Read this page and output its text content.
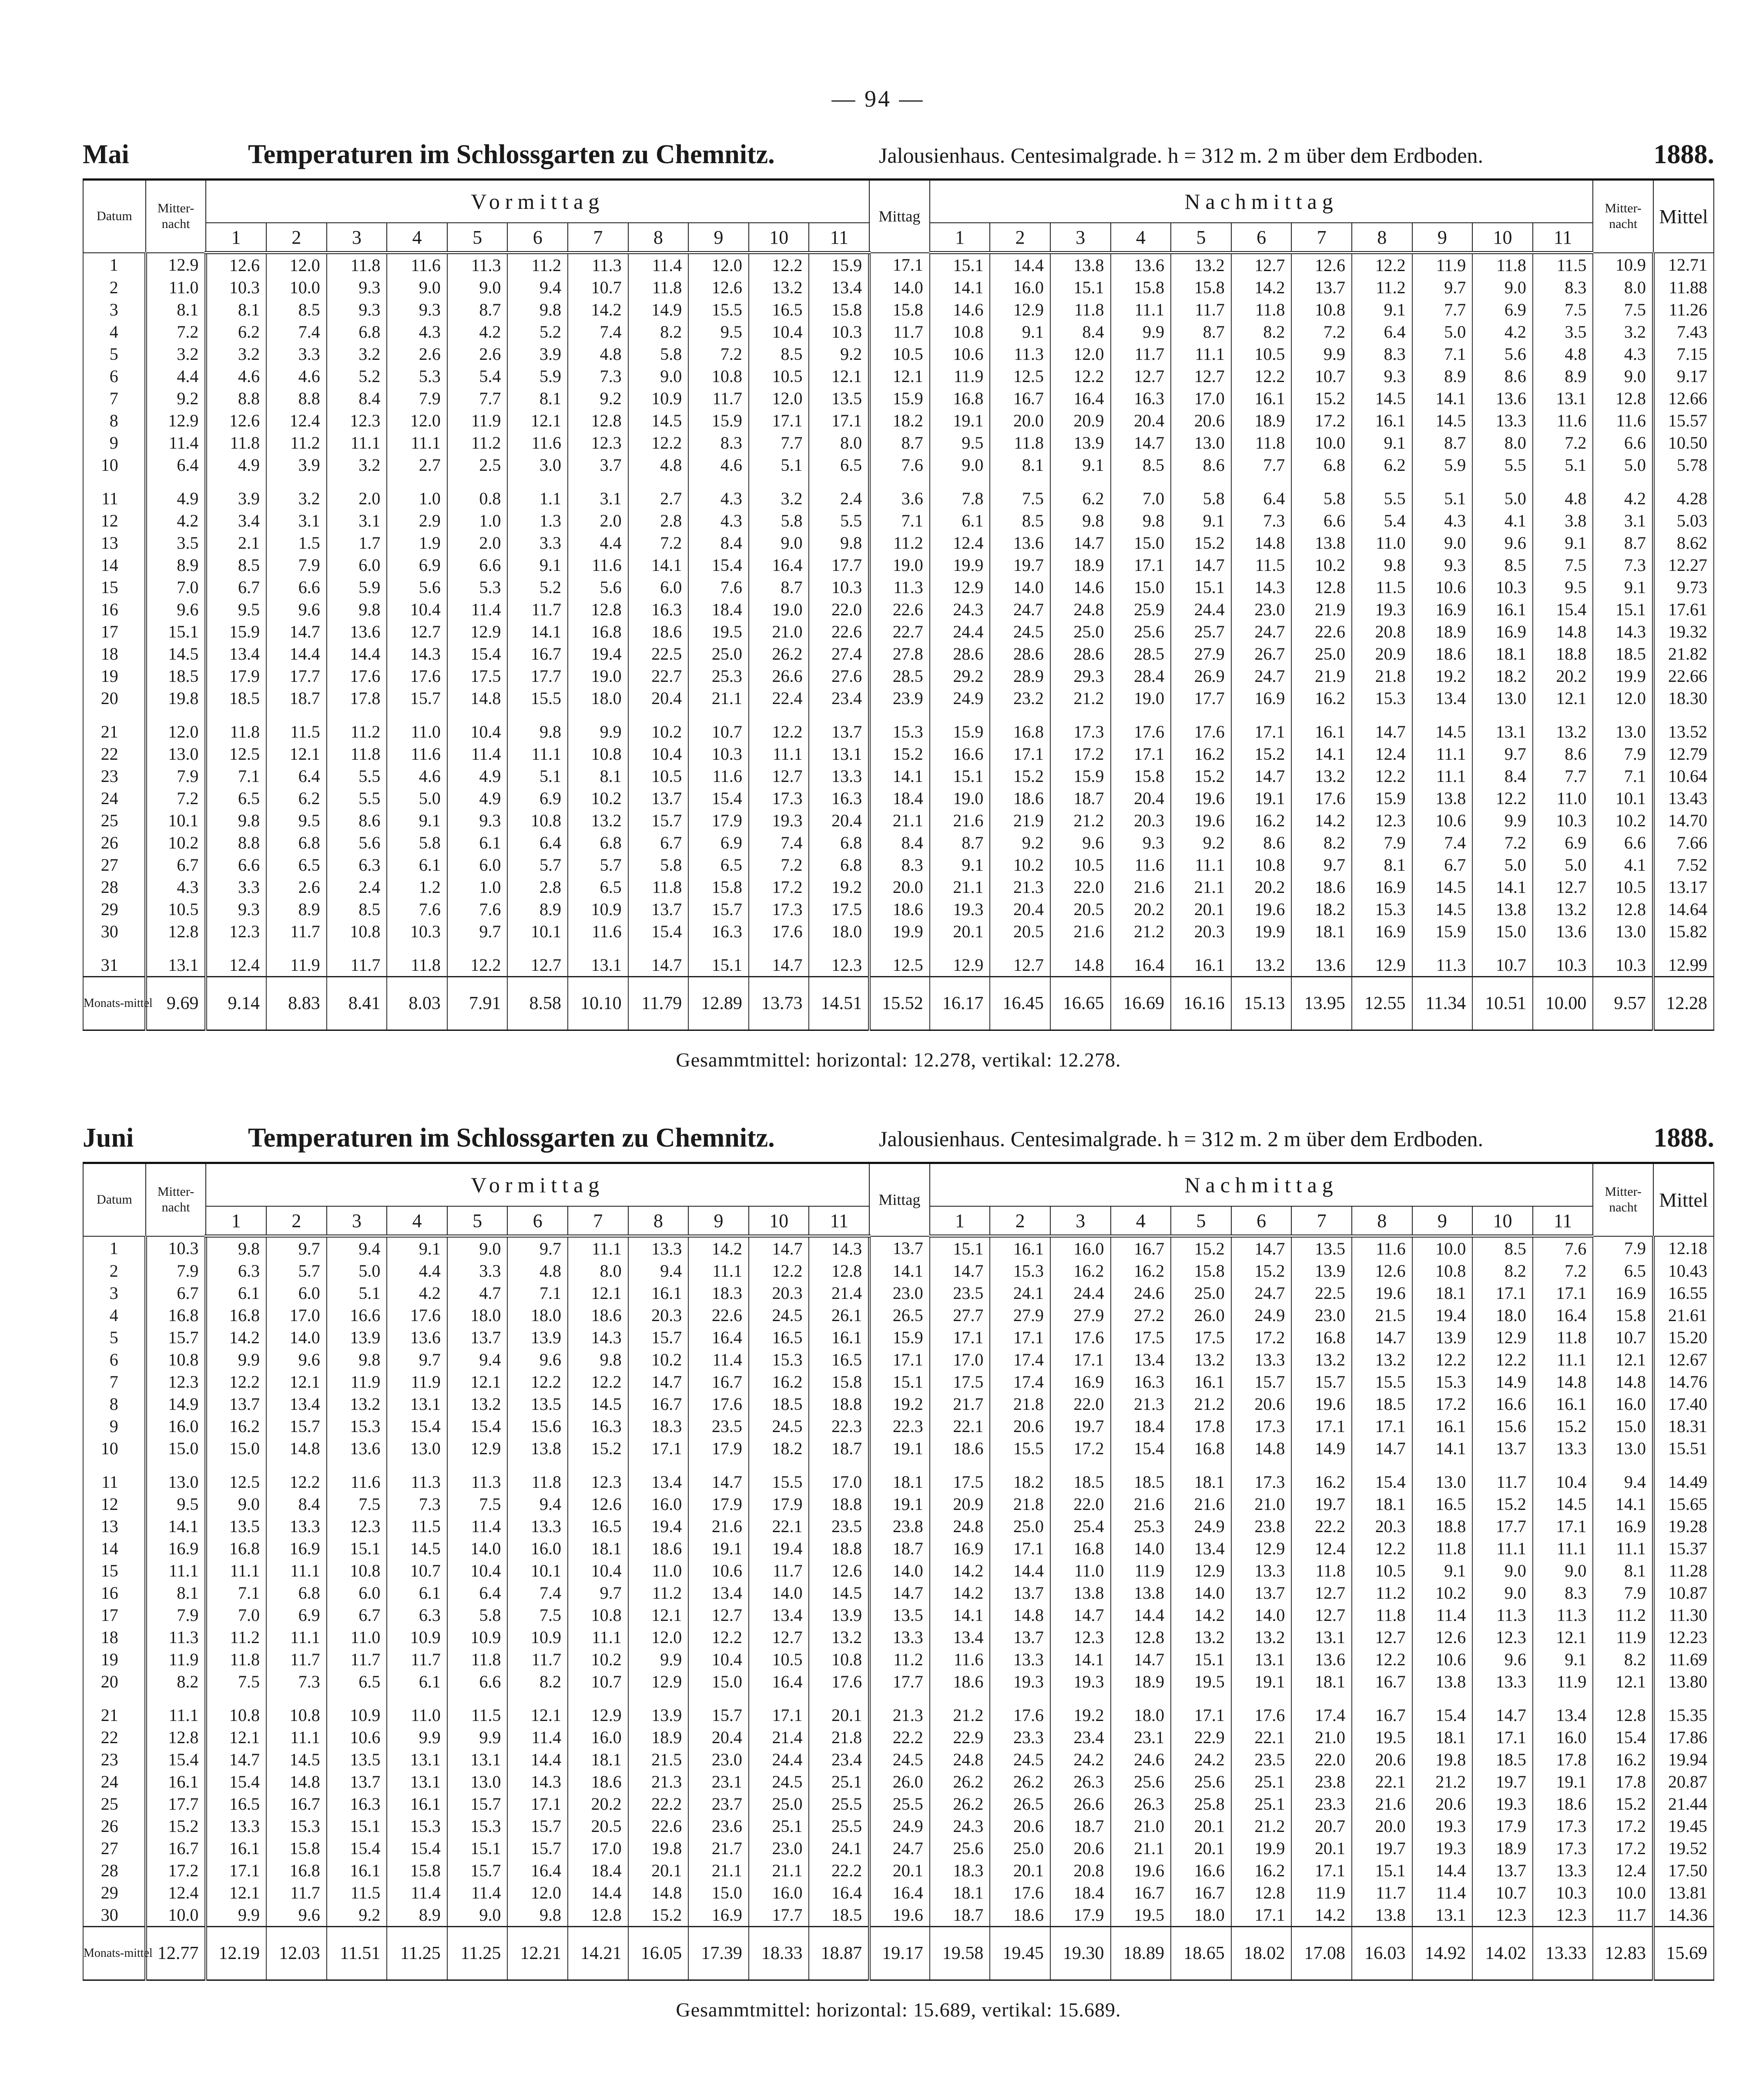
— 94 —
Mai	Temperaturen im Schlossgarten zu Chemnitz.	Jalousienhaus. Centesimalgrade. h = 312 m. 2 m über dem Erdboden.	1888.
Datum	Mitter-nacht	Vormittag											Mittag	Nachmittag											Mitter-nacht	Mittel
		1	2	3	4	5	6	7	8	9	10	11		1	2	3	4	5	6	7	8	9	10	11		
1	12.9	12.6	12.0	11.8	11.6	11.3	11.2	11.3	11.4	12.0	12.2	15.9	17.1	15.1	14.4	13.8	13.6	13.2	12.7	12.6	12.2	11.9	11.8	11.5	10.9	12.71
2	11.0	10.3	10.0	9.3	9.0	9.0	9.4	10.7	11.8	12.6	13.2	13.4	14.0	14.1	16.0	15.1	15.8	15.8	14.2	13.7	11.2	9.7	9.0	8.3	8.0	11.88
3	8.1	8.1	8.5	9.3	9.3	8.7	9.8	14.2	14.9	15.5	16.5	15.8	15.8	14.6	12.9	11.8	11.1	11.7	11.8	10.8	9.1	7.7	6.9	7.5	7.5	11.26
4	7.2	6.2	7.4	6.8	4.3	4.2	5.2	7.4	8.2	9.5	10.4	10.3	11.7	10.8	9.1	8.4	9.9	8.7	8.2	7.2	6.4	5.0	4.2	3.5	3.2	7.43
5	3.2	3.2	3.3	3.2	2.6	2.6	3.9	4.8	5.8	7.2	8.5	9.2	10.5	10.6	11.3	12.0	11.7	11.1	10.5	9.9	8.3	7.1	5.6	4.8	4.3	7.15
6	4.4	4.6	4.6	5.2	5.3	5.4	5.9	7.3	9.0	10.8	10.5	12.1	12.1	11.9	12.5	12.2	12.7	12.7	12.2	10.7	9.3	8.9	8.6	8.9	9.0	9.17
7	9.2	8.8	8.8	8.4	7.9	7.7	8.1	9.2	10.9	11.7	12.0	13.5	15.9	16.8	16.7	16.4	16.3	17.0	16.1	15.2	14.5	14.1	13.6	13.1	12.8	12.66
8	12.9	12.6	12.4	12.3	12.0	11.9	12.1	12.8	14.5	15.9	17.1	17.1	18.2	19.1	20.0	20.9	20.4	20.6	18.9	17.2	16.1	14.5	13.3	11.6	11.6	15.57
9	11.4	11.8	11.2	11.1	11.1	11.2	11.6	12.3	12.2	8.3	7.7	8.0	8.7	9.5	11.8	13.9	14.7	13.0	11.8	10.0	9.1	8.7	8.0	7.2	6.6	10.50
10	6.4	4.9	3.9	3.2	2.7	2.5	3.0	3.7	4.8	4.6	5.1	6.5	7.6	9.0	8.1	9.1	8.5	8.6	7.7	6.8	6.2	5.9	5.5	5.1	5.0	5.78

11	4.9	3.9	3.2	2.0	1.0	0.8	1.1	3.1	2.7	4.3	3.2	2.4	3.6	7.8	7.5	6.2	7.0	5.8	6.4	5.8	5.5	5.1	5.0	4.8	4.2	4.28
12	4.2	3.4	3.1	3.1	2.9	1.0	1.3	2.0	2.8	4.3	5.8	5.5	7.1	6.1	8.5	9.8	9.8	9.1	7.3	6.6	5.4	4.3	4.1	3.8	3.1	5.03
13	3.5	2.1	1.5	1.7	1.9	2.0	3.3	4.4	7.2	8.4	9.0	9.8	11.2	12.4	13.6	14.7	15.0	15.2	14.8	13.8	11.0	9.0	9.6	9.1	8.7	8.62
14	8.9	8.5	7.9	6.0	6.9	6.6	9.1	11.6	14.1	15.4	16.4	17.7	19.0	19.9	19.7	18.9	17.1	14.7	11.5	10.2	9.8	9.3	8.5	7.5	7.3	12.27
15	7.0	6.7	6.6	5.9	5.6	5.3	5.2	5.6	6.0	7.6	8.7	10.3	11.3	12.9	14.0	14.6	15.0	15.1	14.3	12.8	11.5	10.6	10.3	9.5	9.1	9.73
16	9.6	9.5	9.6	9.8	10.4	11.4	11.7	12.8	16.3	18.4	19.0	22.0	22.6	24.3	24.7	24.8	25.9	24.4	23.0	21.9	19.3	16.9	16.1	15.4	15.1	17.61
17	15.1	15.9	14.7	13.6	12.7	12.9	14.1	16.8	18.6	19.5	21.0	22.6	22.7	24.4	24.5	25.0	25.6	25.7	24.7	22.6	20.8	18.9	16.9	14.8	14.3	19.32
18	14.5	13.4	14.4	14.4	14.3	15.4	16.7	19.4	22.5	25.0	26.2	27.4	27.8	28.6	28.6	28.6	28.5	27.9	26.7	25.0	20.9	18.6	18.1	18.8	18.5	21.82
19	18.5	17.9	17.7	17.6	17.6	17.5	17.7	19.0	22.7	25.3	26.6	27.6	28.5	29.2	28.9	29.3	28.4	26.9	24.7	21.9	21.8	19.2	18.2	20.2	19.9	22.66
20	19.8	18.5	18.7	17.8	15.7	14.8	15.5	18.0	20.4	21.1	22.4	23.4	23.9	24.9	23.2	21.2	19.0	17.7	16.9	16.2	15.3	13.4	13.0	12.1	12.0	18.30

21	12.0	11.8	11.5	11.2	11.0	10.4	9.8	9.9	10.2	10.7	12.2	13.7	15.3	15.9	16.8	17.3	17.6	17.6	17.1	16.1	14.7	14.5	13.1	13.2	13.0	13.52
22	13.0	12.5	12.1	11.8	11.6	11.4	11.1	10.8	10.4	10.3	11.1	13.1	15.2	16.6	17.1	17.2	17.1	16.2	15.2	14.1	12.4	11.1	9.7	8.6	7.9	12.79
23	7.9	7.1	6.4	5.5	4.6	4.9	5.1	8.1	10.5	11.6	12.7	13.3	14.1	15.1	15.2	15.9	15.8	15.2	14.7	13.2	12.2	11.1	8.4	7.7	7.1	10.64
24	7.2	6.5	6.2	5.5	5.0	4.9	6.9	10.2	13.7	15.4	17.3	16.3	18.4	19.0	18.6	18.7	20.4	19.6	19.1	17.6	15.9	13.8	12.2	11.0	10.1	13.43
25	10.1	9.8	9.5	8.6	9.1	9.3	10.8	13.2	15.7	17.9	19.3	20.4	21.1	21.6	21.9	21.2	20.3	19.6	16.2	14.2	12.3	10.6	9.9	10.3	10.2	14.70
26	10.2	8.8	6.8	5.6	5.8	6.1	6.4	6.8	6.7	6.9	7.4	6.8	8.4	8.7	9.2	9.6	9.3	9.2	8.6	8.2	7.9	7.4	7.2	6.9	6.6	7.66
27	6.7	6.6	6.5	6.3	6.1	6.0	5.7	5.7	5.8	6.5	7.2	6.8	8.3	9.1	10.2	10.5	11.6	11.1	10.8	9.7	8.1	6.7	5.0	5.0	4.1	7.52
28	4.3	3.3	2.6	2.4	1.2	1.0	2.8	6.5	11.8	15.8	17.2	19.2	20.0	21.1	21.3	22.0	21.6	21.1	20.2	18.6	16.9	14.5	14.1	12.7	10.5	13.17
29	10.5	9.3	8.9	8.5	7.6	7.6	8.9	10.9	13.7	15.7	17.3	17.5	18.6	19.3	20.4	20.5	20.2	20.1	19.6	18.2	15.3	14.5	13.8	13.2	12.8	14.64
30	12.8	12.3	11.7	10.8	10.3	9.7	10.1	11.6	15.4	16.3	17.6	18.0	19.9	20.1	20.5	21.6	21.2	20.3	19.9	18.1	16.9	15.9	15.0	13.6	13.0	15.82

31	13.1	12.4	11.9	11.7	11.8	12.2	12.7	13.1	14.7	15.1	14.7	12.3	12.5	12.9	12.7	14.8	16.4	16.1	13.2	13.6	12.9	11.3	10.7	10.3	10.3	12.99
Monats-mittel	9.69	9.14	8.83	8.41	8.03	7.91	8.58	10.10	11.79	12.89	13.73	14.51	15.52	16.17	16.45	16.65	16.69	16.16	15.13	13.95	12.55	11.34	10.51	10.00	9.57	12.28
Gesammtmittel: horizontal: 12.278, vertikal: 12.278.
Juni	Temperaturen im Schlossgarten zu Chemnitz.	Jalousienhaus. Centesimalgrade. h = 312 m. 2 m über dem Erdboden.	1888.
Datum	Mitter-nacht	Vormittag											Mittag	Nachmittag											Mitter-nacht	Mittel
		1	2	3	4	5	6	7	8	9	10	11		1	2	3	4	5	6	7	8	9	10	11		
1	10.3	9.8	9.7	9.4	9.1	9.0	9.7	11.1	13.3	14.2	14.7	14.3	13.7	15.1	16.1	16.0	16.7	15.2	14.7	13.5	11.6	10.0	8.5	7.6	7.9	12.18
2	7.9	6.3	5.7	5.0	4.4	3.3	4.8	8.0	9.4	11.1	12.2	12.8	14.1	14.7	15.3	16.2	16.2	15.8	15.2	13.9	12.6	10.8	8.2	7.2	6.5	10.43
3	6.7	6.1	6.0	5.1	4.2	4.7	7.1	12.1	16.1	18.3	20.3	21.4	23.0	23.5	24.1	24.4	24.6	25.0	24.7	22.5	19.6	18.1	17.1	17.1	16.9	16.55
4	16.8	16.8	17.0	16.6	17.6	18.0	18.0	18.6	20.3	22.6	24.5	26.1	26.5	27.7	27.9	27.9	27.2	26.0	24.9	23.0	21.5	19.4	18.0	16.4	15.8	21.61
5	15.7	14.2	14.0	13.9	13.6	13.7	13.9	14.3	15.7	16.4	16.5	16.1	15.9	17.1	17.1	17.6	17.5	17.5	17.2	16.8	14.7	13.9	12.9	11.8	10.7	15.20
6	10.8	9.9	9.6	9.8	9.7	9.4	9.6	9.8	10.2	11.4	15.3	16.5	17.1	17.0	17.4	17.1	13.4	13.2	13.3	13.2	13.2	12.2	12.2	11.1	12.1	12.67
7	12.3	12.2	12.1	11.9	11.9	12.1	12.2	12.2	14.7	16.7	16.2	15.8	15.1	17.5	17.4	16.9	16.3	16.1	15.7	15.7	15.5	15.3	14.9	14.8	14.8	14.76
8	14.9	13.7	13.4	13.2	13.1	13.2	13.5	14.5	16.7	17.6	18.5	18.8	19.2	21.7	21.8	22.0	21.3	21.2	20.6	19.6	18.5	17.2	16.6	16.1	16.0	17.40
9	16.0	16.2	15.7	15.3	15.4	15.4	15.6	16.3	18.3	23.5	24.5	22.3	22.3	22.1	20.6	19.7	18.4	17.8	17.3	17.1	17.1	16.1	15.6	15.2	15.0	18.31
10	15.0	15.0	14.8	13.6	13.0	12.9	13.8	15.2	17.1	17.9	18.2	18.7	19.1	18.6	15.5	17.2	15.4	16.8	14.8	14.9	14.7	14.1	13.7	13.3	13.0	15.51

11	13.0	12.5	12.2	11.6	11.3	11.3	11.8	12.3	13.4	14.7	15.5	17.0	18.1	17.5	18.2	18.5	18.5	18.1	17.3	16.2	15.4	13.0	11.7	10.4	9.4	14.49
12	9.5	9.0	8.4	7.5	7.3	7.5	9.4	12.6	16.0	17.9	17.9	18.8	19.1	20.9	21.8	22.0	21.6	21.6	21.0	19.7	18.1	16.5	15.2	14.5	14.1	15.65
13	14.1	13.5	13.3	12.3	11.5	11.4	13.3	16.5	19.4	21.6	22.1	23.5	23.8	24.8	25.0	25.4	25.3	24.9	23.8	22.2	20.3	18.8	17.7	17.1	16.9	19.28
14	16.9	16.8	16.9	15.1	14.5	14.0	16.0	18.1	18.6	19.1	19.4	18.8	18.7	16.9	17.1	16.8	14.0	13.4	12.9	12.4	12.2	11.8	11.1	11.1	11.1	15.37
15	11.1	11.1	11.1	10.8	10.7	10.4	10.1	10.4	11.0	10.6	11.7	12.6	14.0	14.2	14.4	11.0	11.9	12.9	13.3	11.8	10.5	9.1	9.0	9.0	8.1	11.28
16	8.1	7.1	6.8	6.0	6.1	6.4	7.4	9.7	11.2	13.4	14.0	14.5	14.7	14.2	13.7	13.8	13.8	14.0	13.7	12.7	11.2	10.2	9.0	8.3	7.9	10.87
17	7.9	7.0	6.9	6.7	6.3	5.8	7.5	10.8	12.1	12.7	13.4	13.9	13.5	14.1	14.8	14.7	14.4	14.2	14.0	12.7	11.8	11.4	11.3	11.3	11.2	11.30
18	11.3	11.2	11.1	11.0	10.9	10.9	10.9	11.1	12.0	12.2	12.7	13.2	13.3	13.4	13.7	12.3	12.8	13.2	13.2	13.1	12.7	12.6	12.3	12.1	11.9	12.23
19	11.9	11.8	11.7	11.7	11.7	11.8	11.7	10.2	9.9	10.4	10.5	10.8	11.2	11.6	13.3	14.1	14.7	15.1	13.1	13.6	12.2	10.6	9.6	9.1	8.2	11.69
20	8.2	7.5	7.3	6.5	6.1	6.6	8.2	10.7	12.9	15.0	16.4	17.6	17.7	18.6	19.3	19.3	18.9	19.5	19.1	18.1	16.7	13.8	13.3	11.9	12.1	13.80

21	11.1	10.8	10.8	10.9	11.0	11.5	12.1	12.9	13.9	15.7	17.1	20.1	21.3	21.2	17.6	19.2	18.0	17.1	17.6	17.4	16.7	15.4	14.7	13.4	12.8	15.35
22	12.8	12.1	11.1	10.6	9.9	9.9	11.4	16.0	18.9	20.4	21.4	21.8	22.2	22.9	23.3	23.4	23.1	22.9	22.1	21.0	19.5	18.1	17.1	16.0	15.4	17.86
23	15.4	14.7	14.5	13.5	13.1	13.1	14.4	18.1	21.5	23.0	24.4	23.4	24.5	24.8	24.5	24.2	24.6	24.2	23.5	22.0	20.6	19.8	18.5	17.8	16.2	19.94
24	16.1	15.4	14.8	13.7	13.1	13.0	14.3	18.6	21.3	23.1	24.5	25.1	26.0	26.2	26.2	26.3	25.6	25.6	25.1	23.8	22.1	21.2	19.7	19.1	17.8	20.87
25	17.7	16.5	16.7	16.3	16.1	15.7	17.1	20.2	22.2	23.7	25.0	25.5	25.5	26.2	26.5	26.6	26.3	25.8	25.1	23.3	21.6	20.6	19.3	18.6	15.2	21.44
26	15.2	13.3	15.3	15.1	15.3	15.3	15.7	20.5	22.6	23.6	25.1	25.5	24.9	24.3	20.6	18.7	21.0	20.1	21.2	20.7	20.0	19.3	17.9	17.3	17.2	19.45
27	16.7	16.1	15.8	15.4	15.4	15.1	15.7	17.0	19.8	21.7	23.0	24.1	24.7	25.6	25.0	20.6	21.1	20.1	19.9	20.1	19.7	19.3	18.9	17.3	17.2	19.52
28	17.2	17.1	16.8	16.1	15.8	15.7	16.4	18.4	20.1	21.1	21.1	22.2	20.1	18.3	20.1	20.8	19.6	16.6	16.2	17.1	15.1	14.4	13.7	13.3	12.4	17.50
29	12.4	12.1	11.7	11.5	11.4	11.4	12.0	14.4	14.8	15.0	16.0	16.4	16.4	18.1	17.6	18.4	16.7	16.7	12.8	11.9	11.7	11.4	10.7	10.3	10.0	13.81
30	10.0	9.9	9.6	9.2	8.9	9.0	9.8	12.8	15.2	16.9	17.7	18.5	19.6	18.7	18.6	17.9	19.5	18.0	17.1	14.2	13.8	13.1	12.3	12.3	11.7	14.36
Monats-mittel	12.77	12.19	12.03	11.51	11.25	11.25	12.21	14.21	16.05	17.39	18.33	18.87	19.17	19.58	19.45	19.30	18.89	18.65	18.02	17.08	16.03	14.92	14.02	13.33	12.83	15.69
Gesammtmittel: horizontal: 15.689, vertikal: 15.689.
